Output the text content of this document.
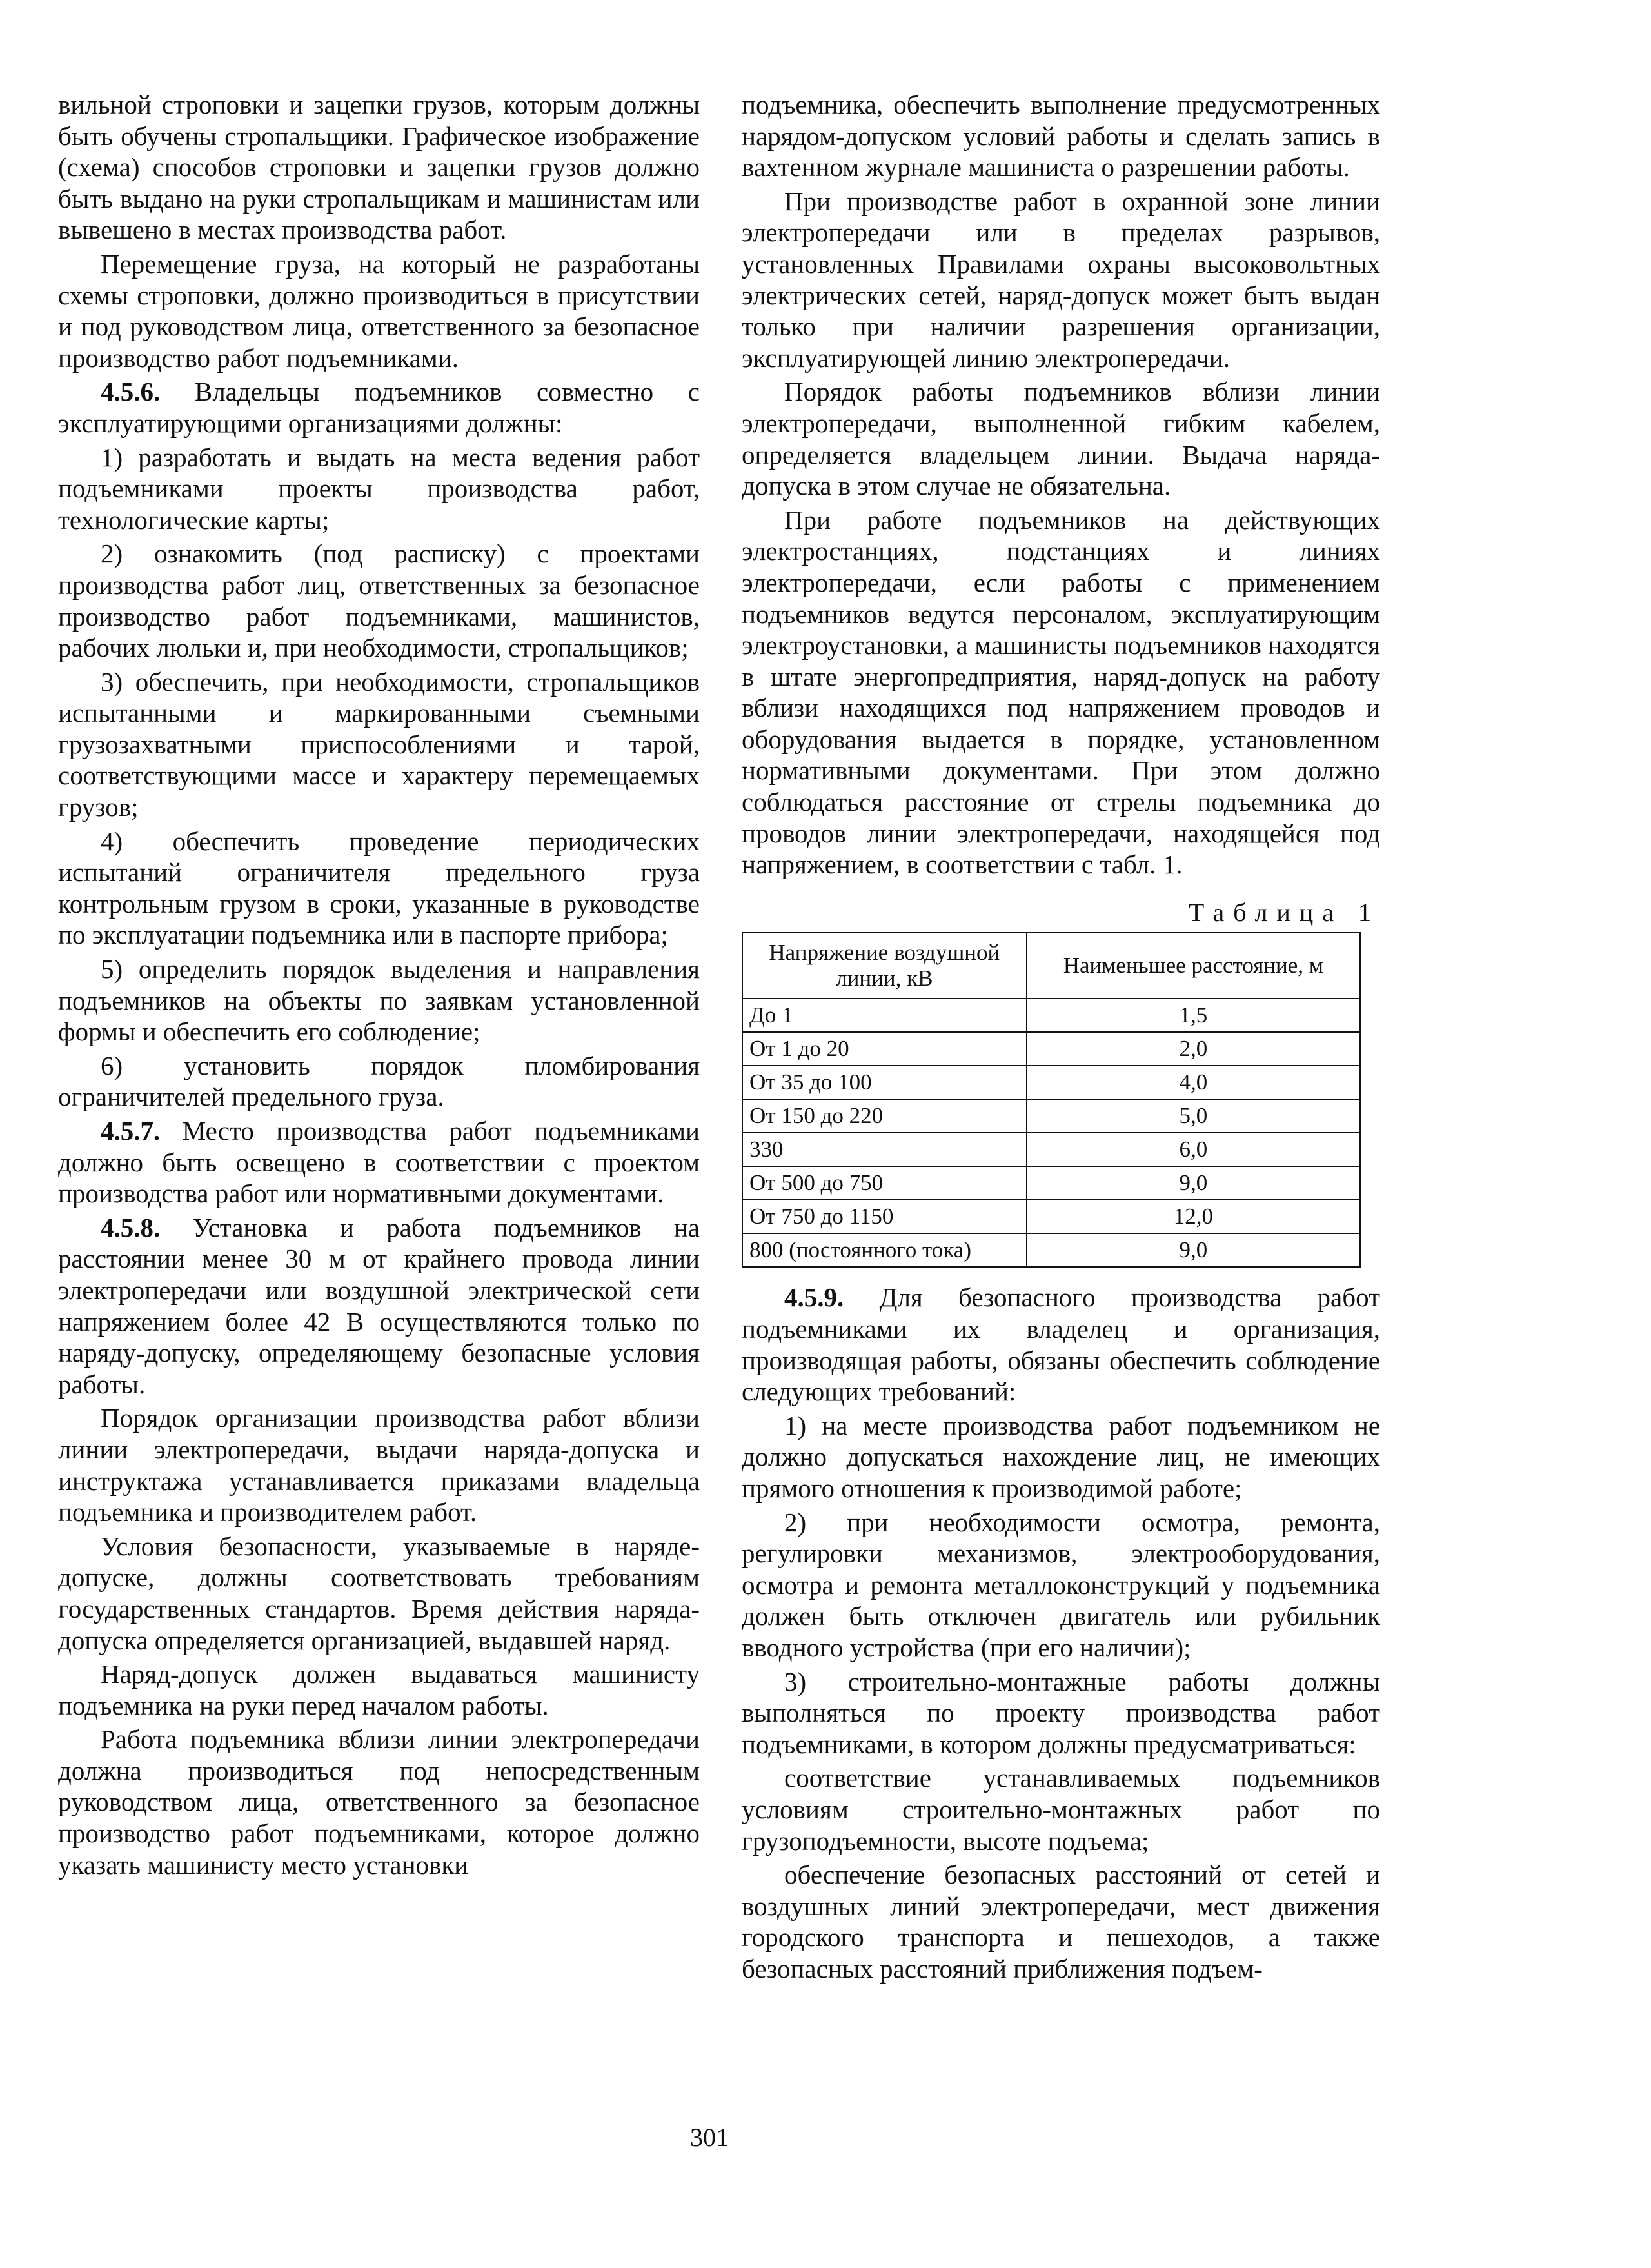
вильной строповки и зацепки грузов, которым должны быть обучены стропальщики. Графическое изображение (схема) способов строповки и зацепки грузов должно быть выдано на руки стропальщикам и машинистам или вывешено в местах производства работ.

Перемещение груза, на который не разработаны схемы строповки, должно производиться в присутствии и под руководством лица, ответственного за безопасное производство работ подъемниками.

4.5.6. Владельцы подъемников совместно с эксплуатирующими организациями должны:

1) разработать и выдать на места ведения работ подъемниками проекты производства работ, технологические карты;

2) ознакомить (под расписку) с проектами производства работ лиц, ответственных за безопасное производство работ подъемниками, машинистов, рабочих люльки и, при необходимости, стропальщиков;

3) обеспечить, при необходимости, стропальщиков испытанными и маркированными съемными грузозахватными приспособлениями и тарой, соответствующими массе и характеру перемещаемых грузов;

4) обеспечить проведение периодических испытаний ограничителя предельного груза контрольным грузом в сроки, указанные в руководстве по эксплуатации подъемника или в паспорте прибора;

5) определить порядок выделения и направления подъемников на объекты по заявкам установленной формы и обеспечить его соблюдение;

6) установить порядок пломбирования ограничителей предельного груза.

4.5.7. Место производства работ подъемниками должно быть освещено в соответствии с проектом производства работ или нормативными документами.

4.5.8. Установка и работа подъемников на расстоянии менее 30 м от крайнего провода линии электропередачи или воздушной электрической сети напряжением более 42 В осуществляются только по наряду-допуску, определяющему безопасные условия работы.

Порядок организации производства работ вблизи линии электропередачи, выдачи наряда-допуска и инструктажа устанавливается приказами владельца подъемника и производителем работ.

Условия безопасности, указываемые в наряде-допуске, должны соответствовать требованиям государственных стандартов. Время действия наряда-допуска определяется организацией, выдавшей наряд.

Наряд-допуск должен выдаваться машинисту подъемника на руки перед началом работы.

Работа подъемника вблизи линии электропередачи должна производиться под непосредственным руководством лица, ответственного за безопасное производство работ подъемниками, которое должно указать машинисту место установки

подъемника, обеспечить выполнение предусмотренных нарядом-допуском условий работы и сделать запись в вахтенном журнале машиниста о разрешении работы.

При производстве работ в охранной зоне линии электропередачи или в пределах разрывов, установленных Правилами охраны высоковольтных электрических сетей, наряд-допуск может быть выдан только при наличии разрешения организации, эксплуатирующей линию электропередачи.

Порядок работы подъемников вблизи линии электропередачи, выполненной гибким кабелем, определяется владельцем линии. Выдача наряда-допуска в этом случае не обязательна.

При работе подъемников на действующих электростанциях, подстанциях и линиях электропередачи, если работы с применением подъемников ведутся персоналом, эксплуатирующим электроустановки, а машинисты подъемников находятся в штате энергопредприятия, наряд-допуск на работу вблизи находящихся под напряжением проводов и оборудования выдается в порядке, установленном нормативными документами. При этом должно соблюдаться расстояние от стрелы подъемника до проводов линии электропередачи, находящейся под напряжением, в соответствии с табл. 1.

Таблица 1
Напряжение воздушной линии, кВ	Наименьшее расстояние, м
До 1	1,5
От 1 до 20	2,0
От 35 до 100	4,0
От 150 до 220	5,0
330	6,0
От 500 до 750	9,0
От 750 до 1150	12,0
800 (постоянного тока)	9,0

4.5.9. Для безопасного производства работ подъемниками их владелец и организация, производящая работы, обязаны обеспечить соблюдение следующих требований:

1) на месте производства работ подъемником не должно допускаться нахождение лиц, не имеющих прямого отношения к производимой работе;

2) при необходимости осмотра, ремонта, регулировки механизмов, электрооборудования, осмотра и ремонта металлоконструкций у подъемника должен быть отключен двигатель или рубильник вводного устройства (при его наличии);

3) строительно-монтажные работы должны выполняться по проекту производства работ подъемниками, в котором должны предусматриваться:

соответствие устанавливаемых подъемников условиям строительно-монтажных работ по грузоподъемности, высоте подъема;

обеспечение безопасных расстояний от сетей и воздушных линий электропередачи, мест движения городского транспорта и пешеходов, а также безопасных расстояний приближения подъем-

301
